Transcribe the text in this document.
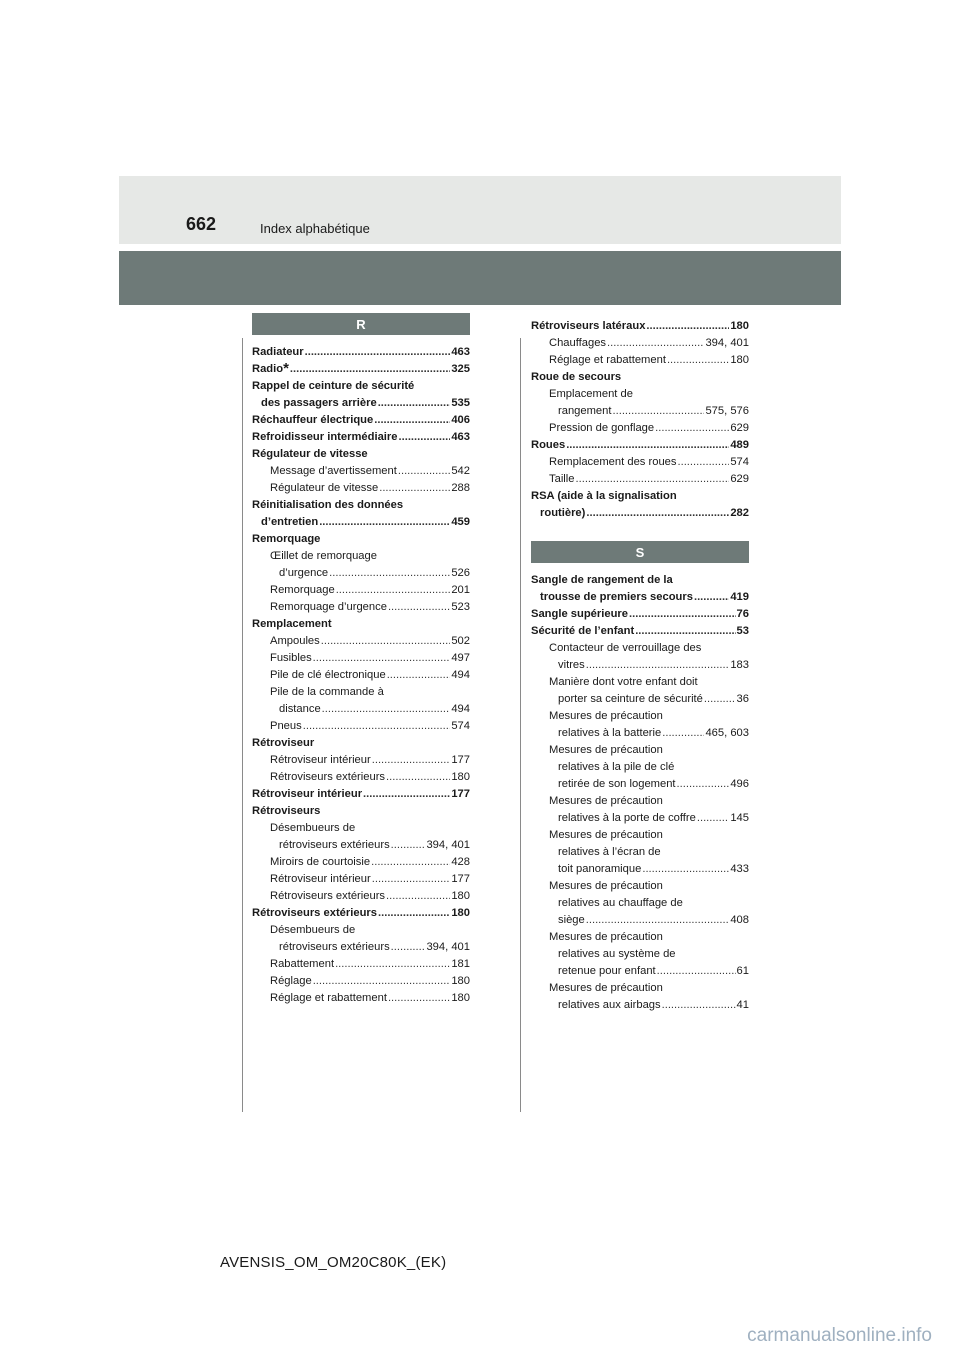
662	Index alphabétique
R
Radiateur .....	463
Radio* .....	325
Rappel de ceinture de sécurité
des passagers arrière .....	535
Réchauffeur électrique .....	406
Refroidisseur intermédiaire .....	463
Régulateur de vitesse
Message d’avertissement .....	542
Régulateur de vitesse .....	288
Réinitialisation des données
d’entretien .....	459
Remorquage
Œillet de remorquage
d’urgence .....	526
Remorquage .....	201
Remorquage d’urgence .....	523
Remplacement
Ampoules .....	502
Fusibles .....	497
Pile de clé électronique .....	494
Pile de la commande à
distance .....	494
Pneus .....	574
Rétroviseur
Rétroviseur intérieur .....	177
Rétroviseurs extérieurs .....	180
Rétroviseur intérieur .....	177
Rétroviseurs
Désembueurs de
rétroviseurs extérieurs .....	394, 401
Miroirs de courtoisie .....	428
Rétroviseur intérieur .....	177
Rétroviseurs extérieurs .....	180
Rétroviseurs extérieurs .....	180
Désembueurs de
rétroviseurs extérieurs .....	394, 401
Rabattement .....	181
Réglage .....	180
Réglage et rabattement .....	180
Rétroviseurs latéraux .....	180
Chauffages .....	394, 401
Réglage et rabattement .....	180
Roue de secours
Emplacement de
rangement .....	575, 576
Pression de gonflage .....	629
Roues .....	489
Remplacement des roues .....	574
Taille .....	629
RSA (aide à la signalisation
routière) .....	282
S
Sangle de rangement de la
trousse de premiers secours .....	419
Sangle supérieure .....	76
Sécurité de l’enfant .....	53
Contacteur de verrouillage des
vitres .....	183
Manière dont votre enfant doit
porter sa ceinture de sécurité .....	36
Mesures de précaution
relatives à la batterie .....	465, 603
Mesures de précaution
relatives à la pile de clé
retirée de son logement .....	496
Mesures de précaution
relatives à la porte de coffre .....	145
Mesures de précaution
relatives à l’écran de
toit panoramique .....	433
Mesures de précaution
relatives au chauffage de
siège .....	408
Mesures de précaution
relatives au système de
retenue pour enfant .....	61
Mesures de précaution
relatives aux airbags .....	41
AVENSIS_OM_OM20C80K_(EK)
carmanualsonline.info
